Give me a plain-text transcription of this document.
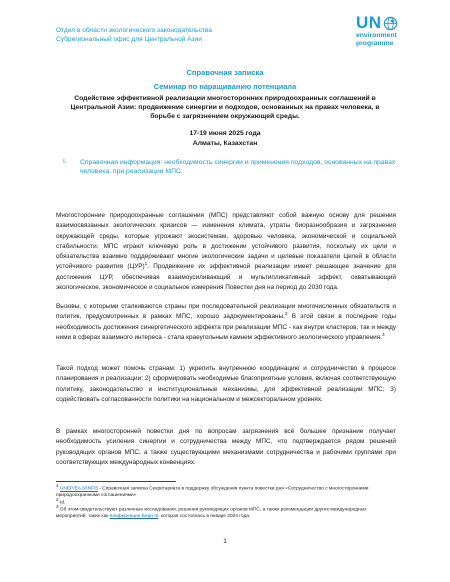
Отдел в области экологического законодательства
Субрегиональный офис для Центральной Азии
UN
environment
programme
Справочная записка
Семинар по наращиванию потенциала
Содействие эффективной реализации многосторонних природоохранных соглашений в Центральной Азии: продвижение синергии и подходов, основанных на правах человека, в борьбе с загрязнением окружающей среды.
17-19 июня 2025 года
Алматы, Казахстан
I. Справочная информация: необходимость синергии и применения подходов, основанных на правах человека, при реализации МПС.
Многосторонние природоохранные соглашения (МПС) представляют собой важную основу для решения взаимосвязанных экологических кризисов — изменения климата, утраты биоразнообразия и загрязнения окружающей среды, которые угрожают экосистемам, здоровью человека, экономической и социальной стабильности. МПС играют ключевую роль в достижении устойчивого развития, поскольку их цели и обязательства взаимно поддерживают многие экологические задачи и целевые показатели Целей в области устойчивого развития (ЦУР)$^1$. Продвижение их эффективной реализации имеет решающее значение для достижения ЦУР, обеспечивая взаимоусиливающий и мультипликативный эффект, охватывающий экологическое, экономическое и социальное измерения Повестки дня на период до 2030 года.
Вызовы, с которыми сталкиваются страны при последовательной реализации многочисленных обязательств и политик, предусмотренных в рамках МПС, хорошо задокументированы.$^2$ В этой связи в последние годы необходимость достижения синергетического эффекта при реализации МПС - как внутри кластеров, так и между ними в сферах взаимного интереса - стала краеугольным камнем эффективного экологического управления.$^3$
Такой подход может помочь странам: 1) укрепить внутреннюю координацию и сотрудничество в процессе планирования и реализации; 2) сформировать необходимые благоприятные условия, включая соответствующую политику, законодательство и институциональные механизмы, для эффективной реализации МПС; 3) содействовать согласованности политики на национальном и межсекторальном уровнях.
В рамках многосторонней повестки дня по вопросам загрязнения всё большее признание получает необходимость усиления синергии и сотрудничества между МПС, что подтверждается рядом решений руководящих органов МПС, а также существующими механизмами сотрудничества и рабочими группами при соответствующих международных конвенциях.

$^1$ UNEP/EA.6/INF/6 - Справочная записка Секретариата в поддержку обсуждения пункта повестки дня «Сотрудничество с многосторонними природоохранными соглашениями»

$^2$ Id.

$^3$ Об этом свидетельствуют различные исследования, решения руководящих органов МПС, а также рекомендации других международных мероприятий, таких как Конференция Берн III, которая состоялась в январе 2024 года.

1
